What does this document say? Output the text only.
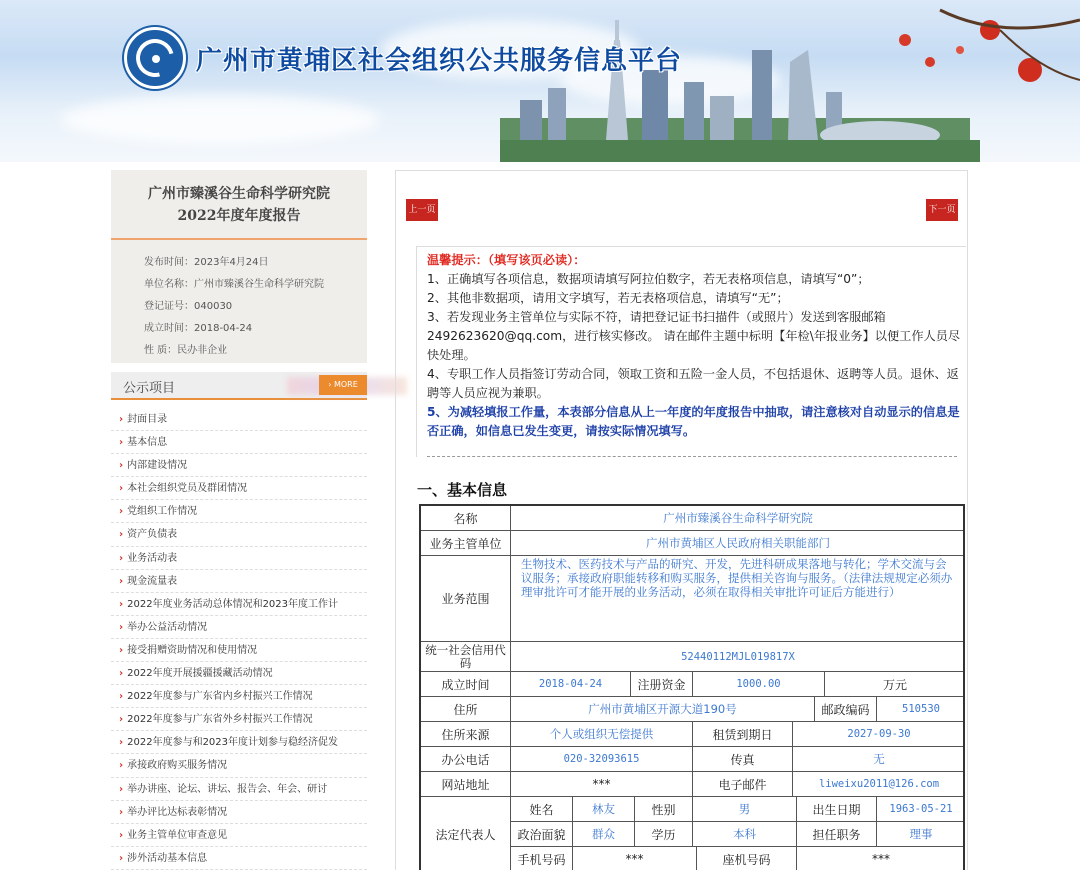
广州市黄埔区社会组织公共服务信息平台
广州市臻溪谷生命科学研究院
2022年度年度报告
发布时间：2023年4月24日
单位名称：广州市臻溪谷生命科学研究院
登记证号：040030
成立时间：2018-04-24
性 质：民办非企业
公示项目	› MORE
› 封面目录
› 基本信息
› 内部建设情况
› 本社会组织党员及群团情况
› 党组织工作情况
› 资产负债表
› 业务活动表
› 现金流量表
› 2022年度业务活动总体情况和2023年度工作计
› 举办公益活动情况
› 接受捐赠资助情况和使用情况
› 2022年度开展援疆援藏活动情况
› 2022年度参与广东省内乡村振兴工作情况
› 2022年度参与广东省外乡村振兴工作情况
› 2022年度参与和2023年度计划参与稳经济促发
› 承接政府购买服务情况
› 举办讲座、论坛、讲坛、报告会、年会、研讨
› 举办评比达标表彰情况
› 业务主管单位审查意见
› 涉外活动基本信息
上一页	下一页

温馨提示：（填写该页必读）：

1、正确填写各项信息，数据项请填写阿拉伯数字，若无表格项信息，请填写“0”；

2、其他非数据项，请用文字填写，若无表格项信息，请填写“无”；

3、若发现业务主管单位与实际不符，请把登记证书扫描件（或照片）发送到客服邮箱2492623620@qq.com，进行核实修改。 请在邮件主题中标明【年检\年报业务】以便工作人员尽快处理。

4、专职工作人员指签订劳动合同，领取工资和五险一金人员，不包括退休、返聘等人员。退休、返聘等人员应视为兼职。

5、为减轻填报工作量，本表部分信息从上一年度的年度报告中抽取，请注意核对自动显示的信息是否正确，如信息已发生变更，请按实际情况填写。

一、基本信息
名称	广州市臻溪谷生命科学研究院
业务主管单位	广州市黄埔区人民政府相关职能部门
业务范围
生物技术、医药技术与产品的研究、开发，先进科研成果落地与转化；学术交流与会议服务；承接政府职能转移和购买服务，提供相关咨询与服务。（法律法规规定必须办理审批许可才能开展的业务活动，必须在取得相关审批许可证后方能进行）
统一社会信用代码	52440112MJL019817X
成立时间	2018-04-24	注册资金	1000.00	万元
住所	广州市黄埔区开源大道190号	邮政编码	510530
住所来源	个人或组织无偿提供	租赁到期日	2027-09-30
办公电话	020-32093615	传真	无
网站地址	***	电子邮件	liweixu2011@126.com
法定代表人
姓名	林友	性别	男	出生日期	1963-05-21
政治面貌	群众	学历	本科	担任职务	理事
手机号码	***	座机号码	***
